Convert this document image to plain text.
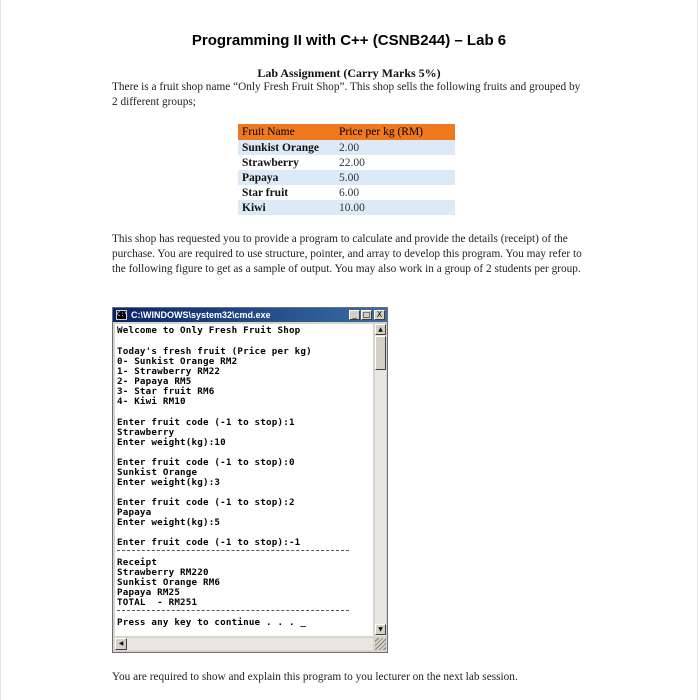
Programming II with C++ (CSNB244) – Lab 6
Lab Assignment (Carry Marks 5%)
There is a fruit shop name “Only Fresh Fruit Shop”. This shop sells the following fruits and grouped by 2 different groups;
Fruit Name	Price per kg (RM)
Sunkist Orange	2.00
Strawberry	22.00
Papaya	5.00
Star fruit	6.00
Kiwi	10.00
This shop has requested you to provide a program to calculate and provide the details (receipt) of the purchase. You are required to use structure, pointer, and array to develop this program. You may refer to the following figure to get as a sample of output. You may also work in a group of 2 students per group.
C:\ C:\WINDOWS\system32\cmd.exe	_ □ X
Welcome to Only Fresh Fruit Shop
Today's fresh fruit (Price per kg)
0- Sunkist Orange RM2
1- Strawberry RM22
2- Papaya RM5
3- Star fruit RM6
4- Kiwi RM10
Enter fruit code (-1 to stop):1
Strawberry
Enter weight(kg):10
Enter fruit code (-1 to stop):0
Sunkist Orange
Enter weight(kg):3
Enter fruit code (-1 to stop):2
Papaya
Enter weight(kg):5
Enter fruit code (-1 to stop):-1
Receipt
Strawberry RM220
Sunkist Orange RM6
Papaya RM25
TOTAL  - RM251
Press any key to continue . . . _
▲
▼
◀
You are required to show and explain this program to you lecturer on the next lab session.
